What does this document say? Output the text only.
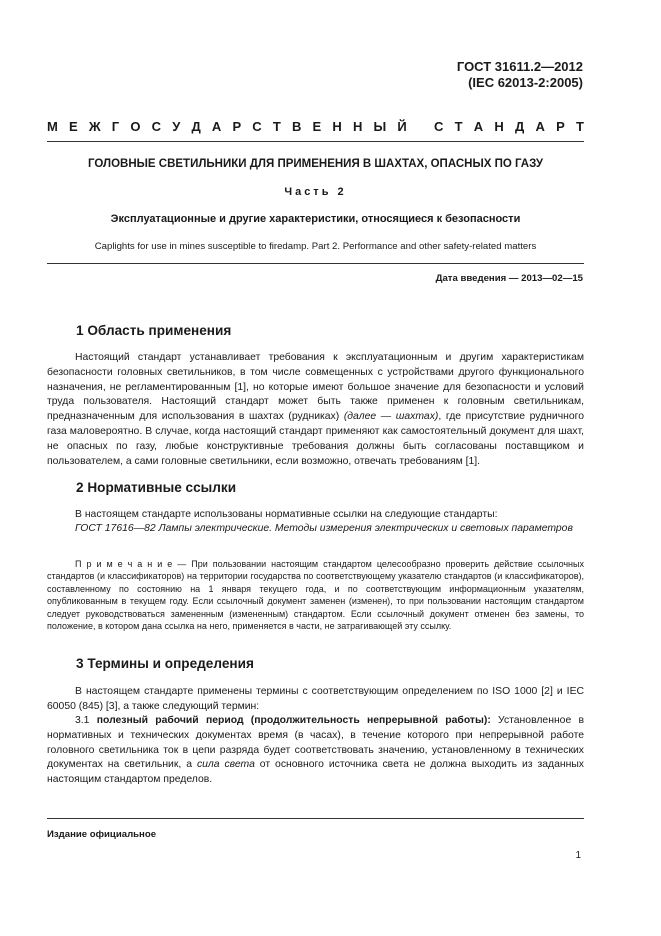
ГОСТ 31611.2—2012
(IEC 62013-2:2005)
М Е Ж Г О С У Д А Р С Т В Е Н Н Ы Й С Т А Н Д А Р Т
ГОЛОВНЫЕ СВЕТИЛЬНИКИ ДЛЯ ПРИМЕНЕНИЯ В ШАХТАХ, ОПАСНЫХ ПО ГАЗУ
Часть 2
Эксплуатационные и другие характеристики, относящиеся к безопасности
Caplights for use in mines susceptible to firedamp. Part 2. Performance and other safety-related matters
Дата введения — 2013—02—15
1 Область применения

Настоящий стандарт устанавливает требования к эксплуатационным и другим характеристикам безопасности головных светильников, в том числе совмещенных с устройствами другого функционального назначения, не регламентированным [1], но которые имеют большое значение для безопасности и условий труда пользователя. Настоящий стандарт может быть также применен к головным светильникам, предназначенным для использования в шахтах (рудниках) (далее — шахтах), где присутствие рудничного газа маловероятно. В случае, когда настоящий стандарт применяют как самостоятельный документ для шахт, не опасных по газу, любые конструктивные требования должны быть согласованы поставщиком и пользователем, а сами головные светильники, если возможно, отвечать требованиям [1].

2 Нормативные ссылки

В настоящем стандарте использованы нормативные ссылки на следующие стандарты:

ГОСТ 17616—82 Лампы электрические. Методы измерения электрических и световых параметров

П р и м е ч а н и е — При пользовании настоящим стандартом целесообразно проверить действие ссылочных стандартов (и классификаторов) на территории государства по соответствующему указателю стандартов (и классификаторов), составленному по состоянию на 1 января текущего года, и по соответствующим информационным указателям, опубликованным в текущем году. Если ссылочный документ заменен (изменен), то при пользовании настоящим стандартом следует руководствоваться замененным (измененным) стандартом. Если ссылочный документ отменен без замены, то положение, в котором дана ссылка на него, применяется в части, не затрагивающей эту ссылку.

3 Термины и определения

В настоящем стандарте применены термины с соответствующим определением по ISO 1000 [2] и IEC 60050 (845) [3], а также следующий термин:

3.1 полезный рабочий период (продолжительность непрерывной работы): Установленное в нормативных и технических документах время (в часах), в течение которого при непрерывной работе головного светильника ток в цепи разряда будет соответствовать значению, установленному в технических документах на светильник, а сила света от основного источника света не должна выходить из заданных настоящим стандартом пределов.

Издание официальное
1
